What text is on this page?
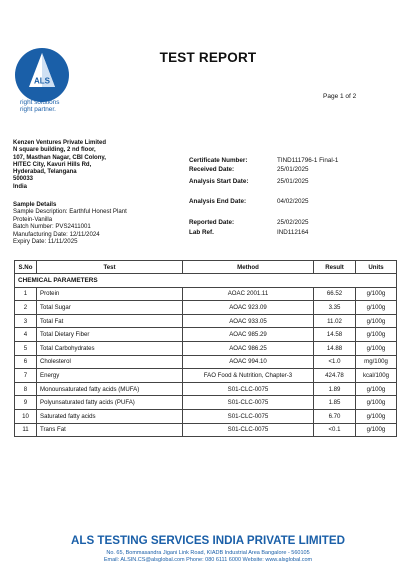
ALS
right solutions
right partner.
TEST REPORT
Page 1 of 2
Kenzen Ventures Private Limited
N square building, 2 nd floor,
107, Masthan Nagar, CBI Colony,
HITEC City, Kavuri Hills Rd,
Hyderabad, Telangana
500033
India
Certificate Number:	TIND111796-1 Final-1
Received Date:	25/01/2025
Analysis Start Date:	25/01/2025
Analysis End Date:	04/02/2025
Reported Date:	25/02/2025
Lab Ref.	IND112164
Sample Details
Sample Description: Earthful Honest Plant
Protein-Vanilla
Batch Number: PVS2411001
Manufacturing Date: 12/11/2024
Expiry Date: 11/11/2025
S.No	Test	Method	Result	Units
CHEMICAL PARAMETERS				
1	Protein	AOAC 2001.11	66.52	g/100g
2	Total Sugar	AOAC 923.09	3.35	g/100g
3	Total Fat	AOAC 933.05	11.02	g/100g
4	Total Dietary Fiber	AOAC 985.29	14.58	g/100g
5	Total Carbohydrates	AOAC 986.25	14.88	g/100g
6	Cholesterol	AOAC 994.10	<1.0	mg/100g
7	Energy	FAO Food & Nutrition, Chapter-3	424.78	kcal/100g
8	Monounsaturated fatty acids (MUFA)	S01-CLC-0075	1.89	g/100g
9	Polyunsaturated fatty acids (PUFA)	S01-CLC-0075	1.85	g/100g
10	Saturated fatty acids	S01-CLC-0075	6.70	g/100g
11	Trans Fat	S01-CLC-0075	<0.1	g/100g
ALS TESTING SERVICES INDIA PRIVATE LIMITED
No. 65, Bommasandra Jigani Link Road, KIADB Industrial Area Bangalore - 560105
Email: ALSIN.CS@alsglobal.com Phone: 080 6111 6000 Website: www.alsglobal.com
